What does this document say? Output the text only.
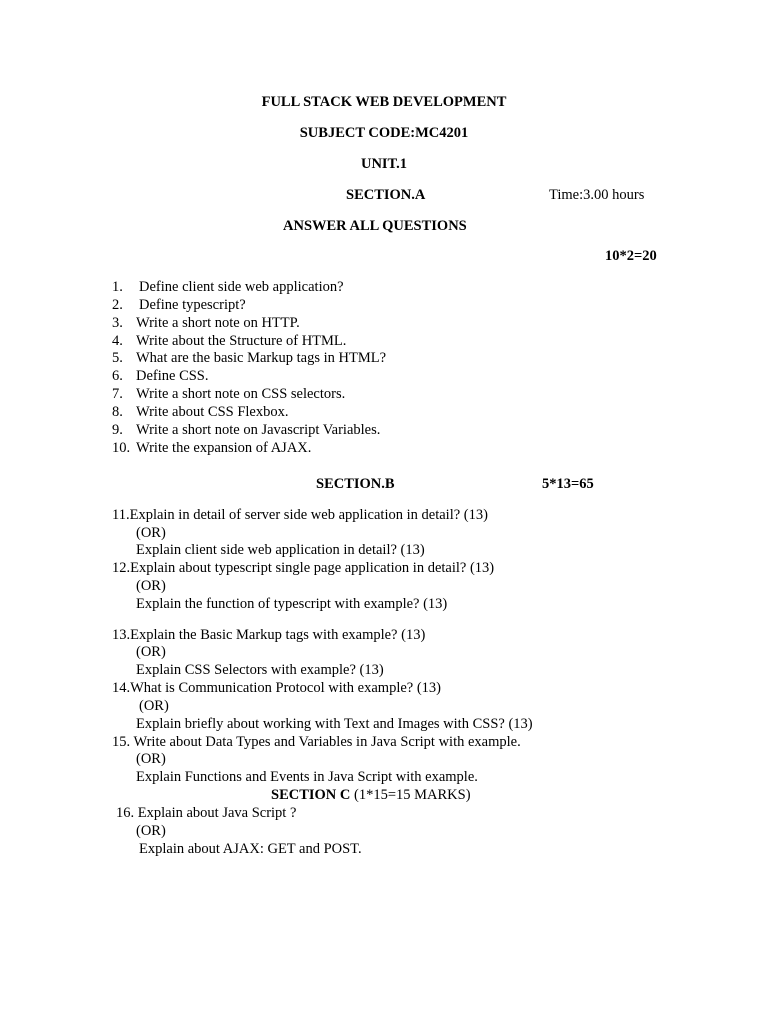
FULL STACK WEB DEVELOPMENT
SUBJECT CODE:MC4201
UNIT.1
SECTION.A	Time:3.00 hours
ANSWER ALL QUESTIONS
10*2=20
1. Define client side web application?
2. Define typescript?
3. Write a short note on HTTP.
4. Write about the Structure of HTML.
5. What are the basic Markup tags in HTML?
6. Define CSS.
7. Write a short note on CSS selectors.
8. Write about CSS Flexbox.
9. Write a short note on Javascript Variables.
10. Write the expansion of AJAX.
SECTION.B	5*13=65
11.Explain in detail of server side web application in detail? (13)
(OR)
Explain client side web application in detail? (13)
12.Explain about typescript single page application in detail? (13)
(OR)
Explain the function of typescript with example? (13)
13.Explain the Basic Markup tags with example? (13)
(OR)
Explain CSS Selectors with example? (13)
14.What is Communication Protocol with example? (13)
(OR)
Explain briefly about working with Text and Images with CSS? (13)
15. Write about Data Types and Variables in Java Script with example.
(OR)
Explain Functions and Events in Java Script with example.
SECTION C (1*15=15 MARKS)
16. Explain about Java Script ?
(OR)
Explain about AJAX: GET and POST.
